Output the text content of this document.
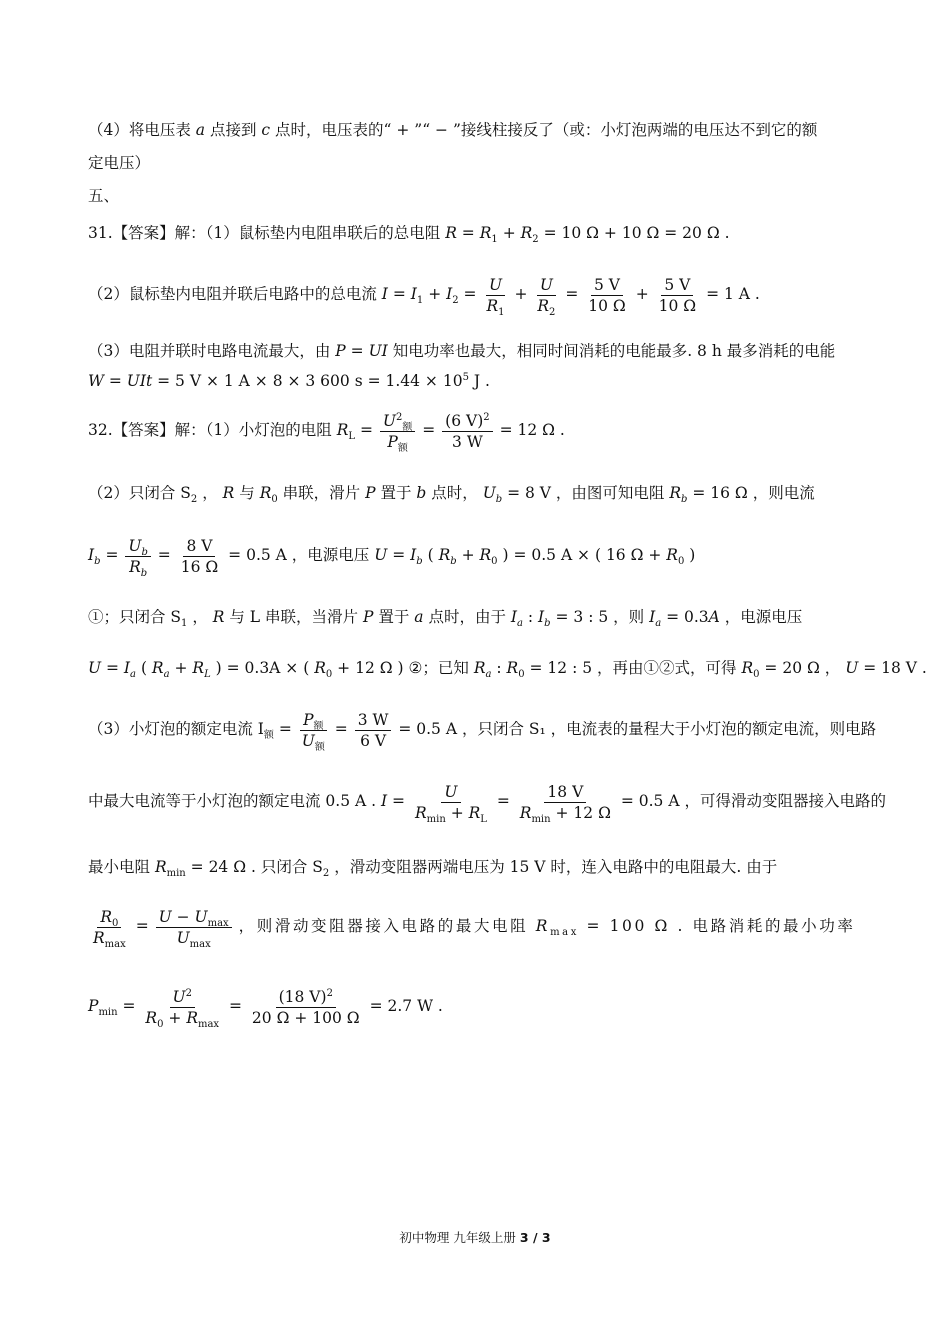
（4）将电压表 a 点接到 c 点时，电压表的“ + ”“ − ”接线柱接反了（或：小灯泡两端的电压达不到它的额
定电压）
五、
31.【答案】解：（1）鼠标垫内电阻串联后的总电阻 $R = R_1 + R_2 = 10$ Ω + 10 Ω = 20 Ω .
（2）鼠标垫内电阻并联后电路中的总电流 $I = I_1 + I_2 = \frac{U}{R_1} + \frac{U}{R_2} = \frac{5 V}{10 \Omega} + \frac{5 V}{10 \Omega} = 1$ A .
（3）电阻并联时电路电流最大，由 P = UI 知电功率也最大，相同时间消耗的电能最多. 8 h 最多消耗的电能
W = UIt = 5 V × 1 A × 8 × 3 600 $s = 1.44 \times 10^5$ J .
32.【答案】解：（1）小灯泡的电阻 $R_L = \frac{U^2_额}{P_额} = \frac{(6 V)^2}{3 W} = 12$ Ω .
（2）只闭合 $S_2$ ， R 与 $R_0$ 串联，滑片 P 置于 b 点时， $U_b = 8$ V ，由图可知电阻 $R_b = 16$ Ω ，则电流
$I_b = \frac{U_b}{R_b} = \frac{8 V}{16 \Omega} = 0.5$ A ，电源电压 $U = I_b$ ( $R_b + R_0$ ) = 0.5 A × ( 16 $\Omega + R_0$ )
①；只闭合 $S_1$ ， R 与 L 串联，当滑片 P 置于 a 点时，由于 $I_a$ : $I_b = 3$ : 5 ，则 $I_a = 0.3A$ ，电源电压
$U = I_a$ ( $R_a + R_L$ ) = 0.3A × ( $R_0 + 12$ Ω ) ②；已知 $R_a$ : $R_0 = 12$ : 5 ，再由①②式，可得 $R_0 = 20$ Ω ， U = 18 V .
（3）小灯泡的额定电流 $I_额 = \frac{P_额}{U_额} = \frac{3 W}{6 V} = 0.5$ A ，只闭合 S₁ ，电流表的量程大于小灯泡的额定电流，则电路
中最大电流等于小灯泡的额定电流 0.5 A . $I = \frac{U}{R_{min} + R_L} = \frac{18 V}{R_{min} + 12 \Omega} = 0.5$ A ，可得滑动变阻器接入电路的
最小电阻 $R_{min} = 24$ Ω . 只闭合 $S_2$ ，滑动变阻器两端电压为 15 V 时，连入电路中的电阻最大. 由于
$\frac{R_0}{R_{max}} = \frac{U - U_{max}}{U_{max}}$ ，则滑动变阻器接入电路的最大电阻 $R_{max} = 100$ Ω . 电路消耗的最小功率
$P_{min} = \frac{U^2}{R_0 + R_{max}} = \frac{(18 V)^2}{20 \Omega + 100 \Omega} = 2.7$ W .
初中物理 九年级上册 3 / 3
